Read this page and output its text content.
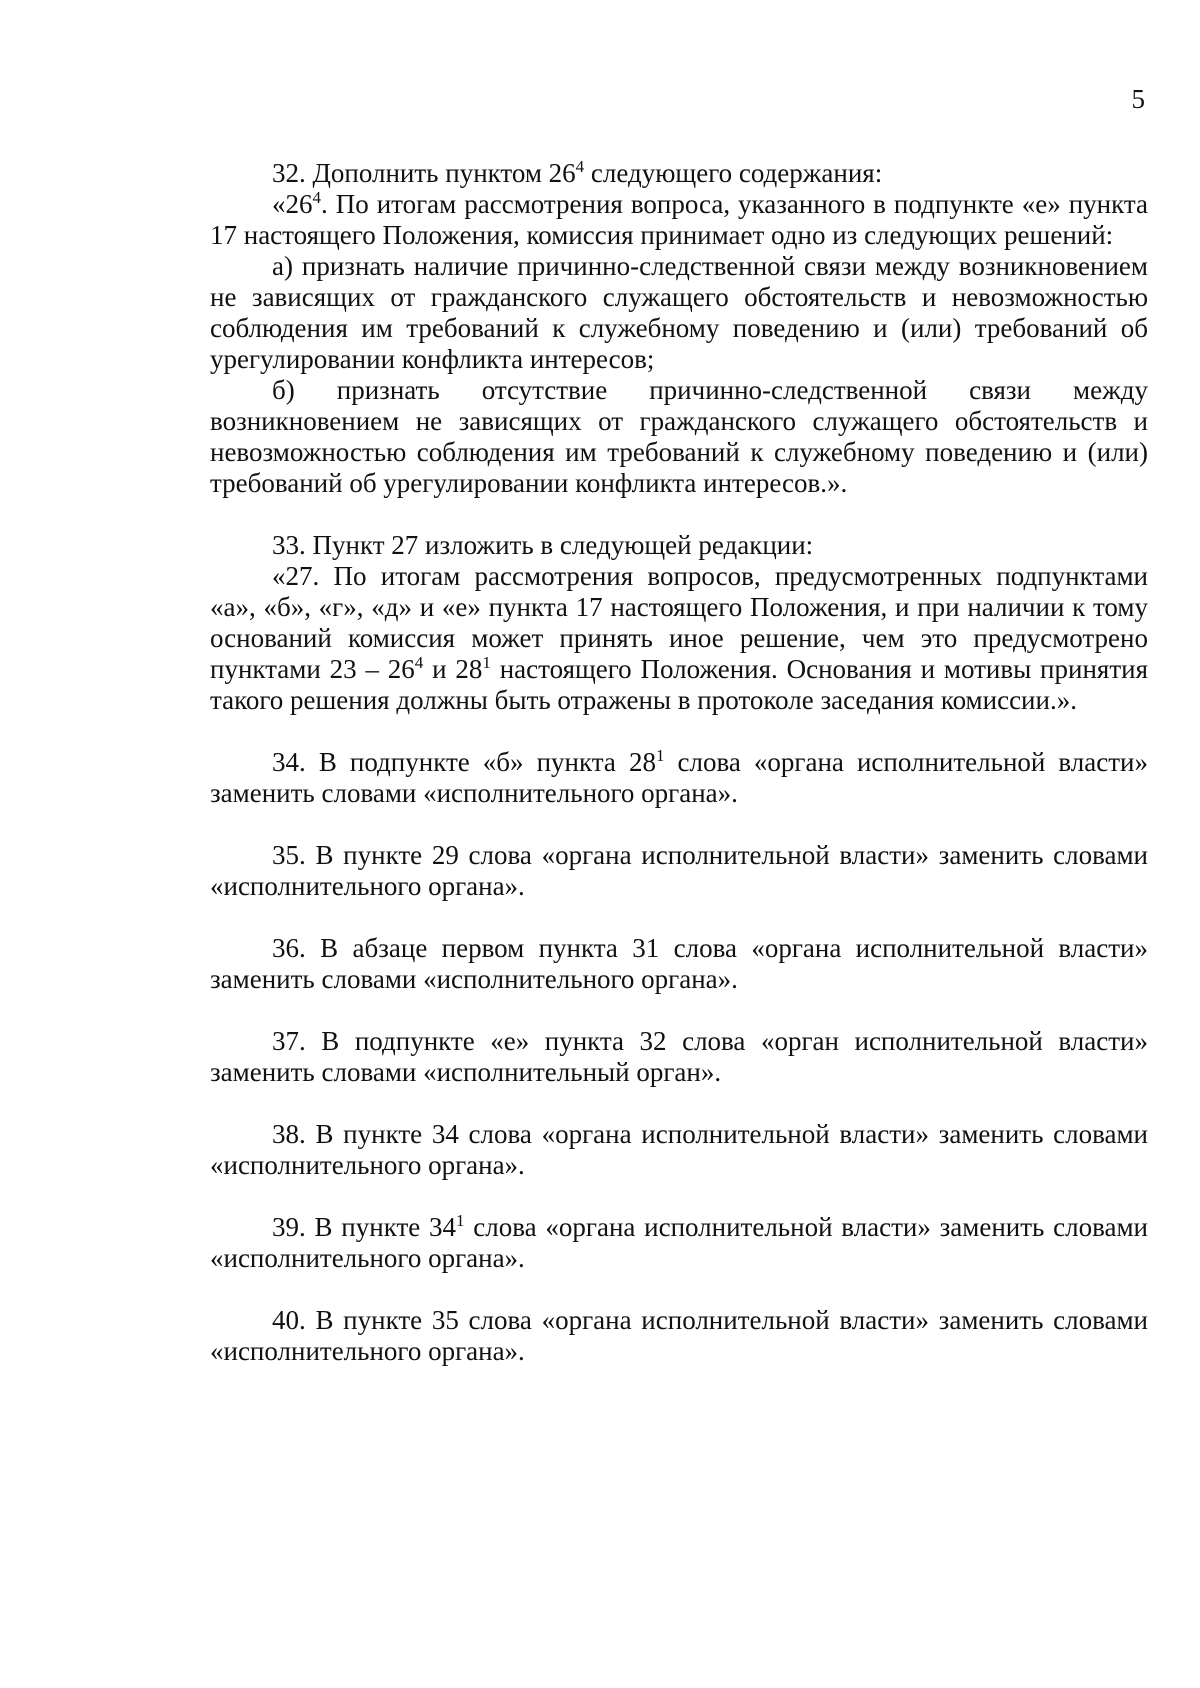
5

32. Дополнить пунктом $26^4$ следующего содержания:

«$26^4$. По итогам рассмотрения вопроса, указанного в подпункте «е» пункта 17 настоящего Положения, комиссия принимает одно из следующих решений:

а) признать наличие причинно-следственной связи между возникновением не зависящих от гражданского служащего обстоятельств и невозможностью соблюдения им требований к служебному поведению и (или) требований об урегулировании конфликта интересов;

б) признать отсутствие причинно-следственной связи между возникновением не зависящих от гражданского служащего обстоятельств и невозможностью соблюдения им требований к служебному поведению и (или) требований об урегулировании конфликта интересов.».

33. Пункт 27 изложить в следующей редакции:

«27. По итогам рассмотрения вопросов, предусмотренных подпунктами «а», «б», «г», «д» и «е» пункта 17 настоящего Положения, и при наличии к тому оснований комиссия может принять иное решение, чем это предусмотрено пунктами $23 - 26^4$ и $28^1$ настоящего Положения. Основания и мотивы принятия такого решения должны быть отражены в протоколе заседания комиссии.».

34. В подпункте «б» пункта $28^1$ слова «органа исполнительной власти» заменить словами «исполнительного органа».

35. В пункте 29 слова «органа исполнительной власти» заменить словами «исполнительного органа».

36. В абзаце первом пункта 31 слова «органа исполнительной власти» заменить словами «исполнительного органа».

37. В подпункте «е» пункта 32 слова «орган исполнительной власти» заменить словами «исполнительный орган».

38. В пункте 34 слова «органа исполнительной власти» заменить словами «исполнительного органа».

39. В пункте $34^1$ слова «органа исполнительной власти» заменить словами «исполнительного органа».

40. В пункте 35 слова «органа исполнительной власти» заменить словами «исполнительного органа».
